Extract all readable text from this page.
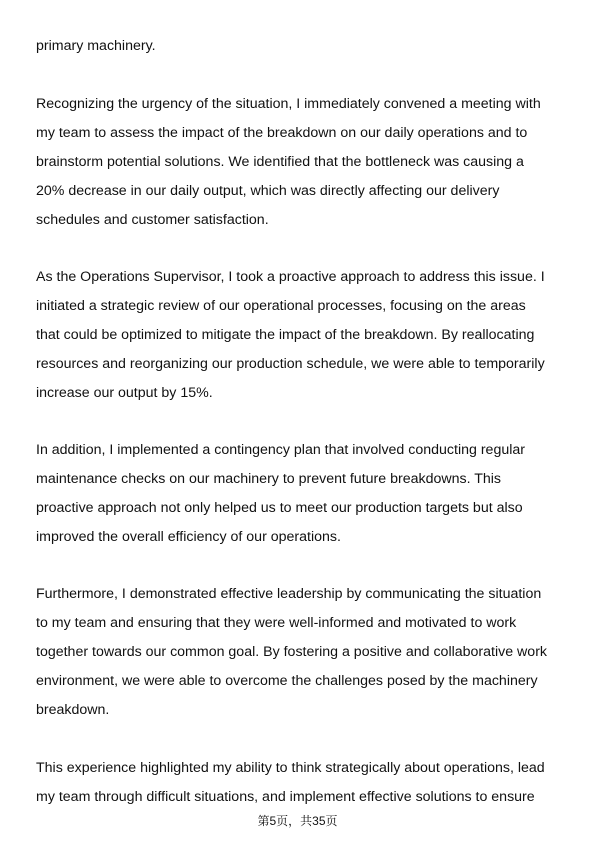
primary machinery.
Recognizing the urgency of the situation, I immediately convened a meeting with
my team to assess the impact of the breakdown on our daily operations and to
brainstorm potential solutions. We identified that the bottleneck was causing a
20% decrease in our daily output, which was directly affecting our delivery
schedules and customer satisfaction.
As the Operations Supervisor, I took a proactive approach to address this issue. I
initiated a strategic review of our operational processes, focusing on the areas
that could be optimized to mitigate the impact of the breakdown. By reallocating
resources and reorganizing our production schedule, we were able to temporarily
increase our output by 15%.
In addition, I implemented a contingency plan that involved conducting regular
maintenance checks on our machinery to prevent future breakdowns. This
proactive approach not only helped us to meet our production targets but also
improved the overall efficiency of our operations.
Furthermore, I demonstrated effective leadership by communicating the situation
to my team and ensuring that they were well-informed and motivated to work
together towards our common goal. By fostering a positive and collaborative work
environment, we were able to overcome the challenges posed by the machinery
breakdown.
This experience highlighted my ability to think strategically about operations, lead
my team through difficult situations, and implement effective solutions to ensure
第5页，共35页
